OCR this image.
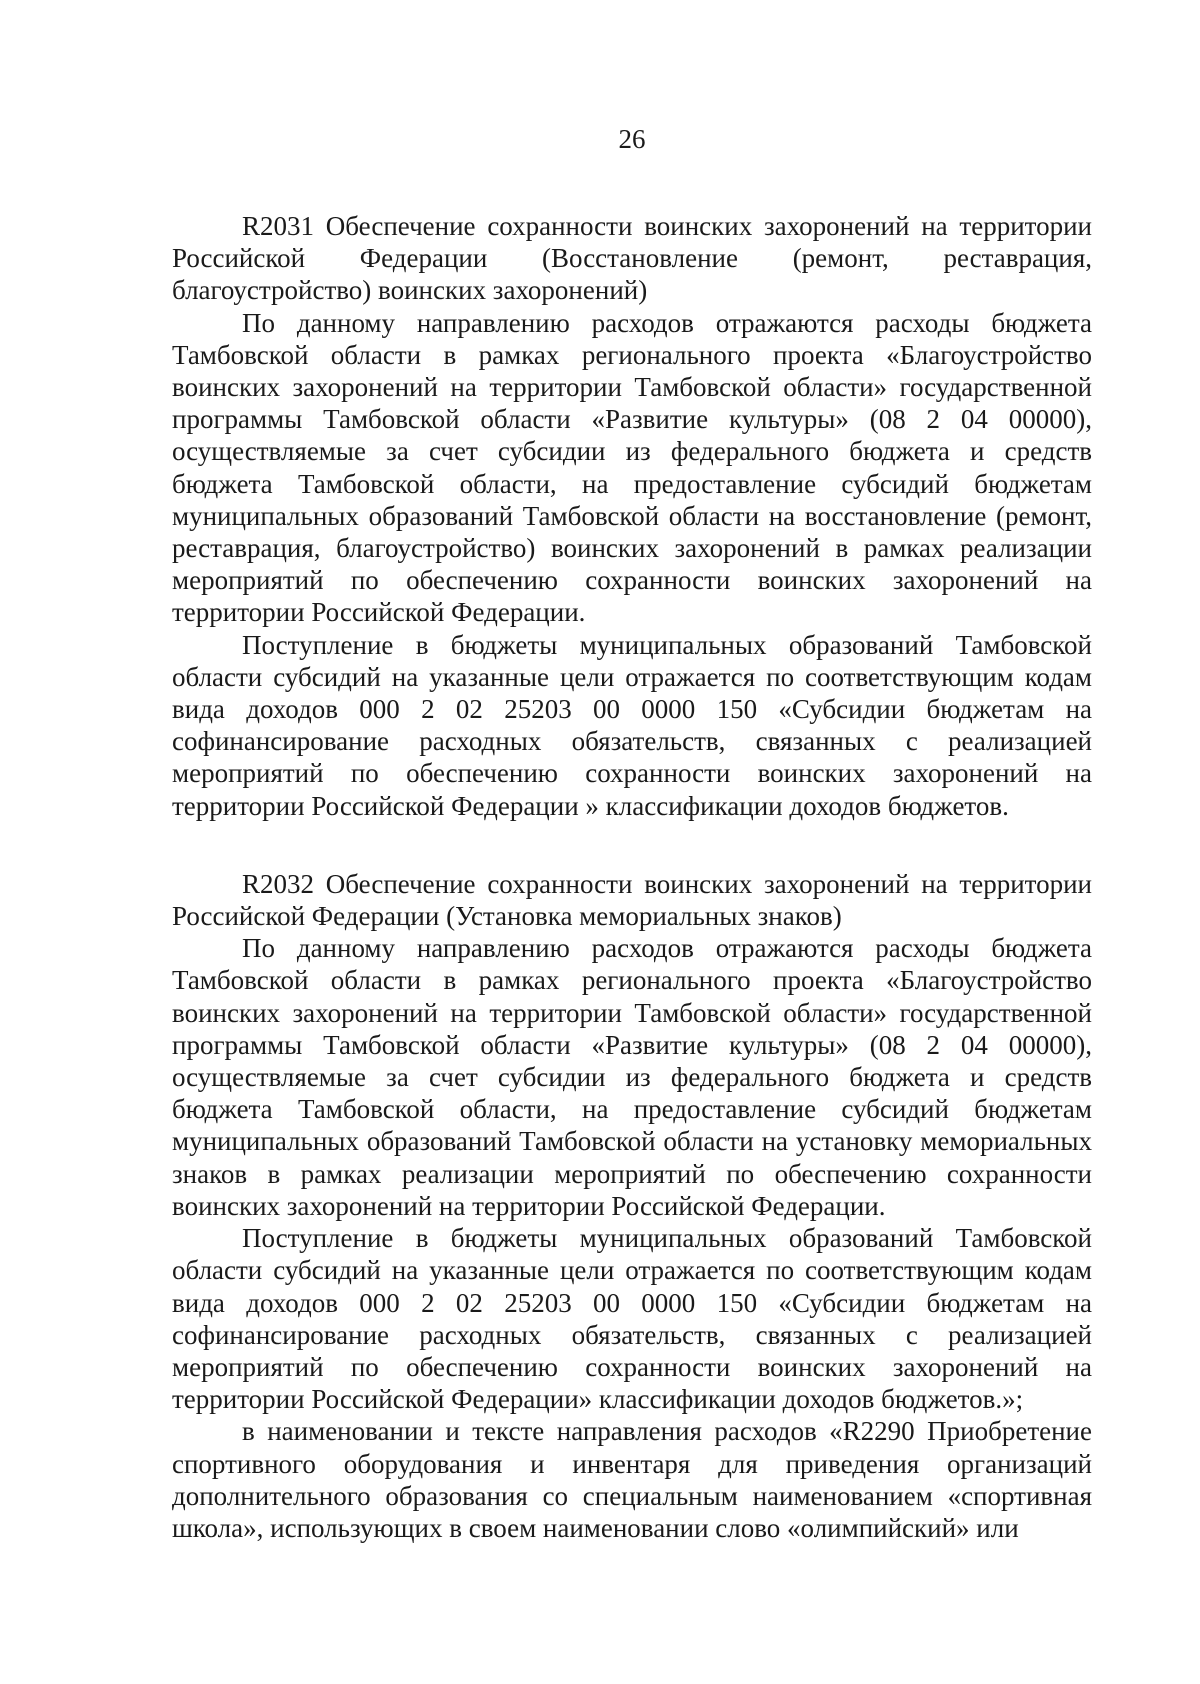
26

R2031 Обеспечение сохранности воинских захоронений на территории Российской Федерации (Восстановление (ремонт, реставрация, благоустройство) воинских захоронений)

По данному направлению расходов отражаются расходы бюджета Тамбовской области в рамках регионального проекта «Благоустройство воинских захоронений на территории Тамбовской области» государственной программы Тамбовской области «Развитие культуры» (08 2 04 00000), осуществляемые за счет субсидии из федерального бюджета и средств бюджета Тамбовской области, на предоставление субсидий бюджетам муниципальных образований Тамбовской области на восстановление (ремонт, реставрация, благоустройство) воинских захоронений в рамках реализации мероприятий по обеспечению сохранности воинских захоронений на территории Российской Федерации.

Поступление в бюджеты муниципальных образований Тамбовской области субсидий на указанные цели отражается по соответствующим кодам вида доходов 000 2 02 25203 00 0000 150 «Субсидии бюджетам на софинансирование расходных обязательств, связанных с реализацией мероприятий по обеспечению сохранности воинских захоронений на территории Российской Федерации » классификации доходов бюджетов.

R2032 Обеспечение сохранности воинских захоронений на территории Российской Федерации (Установка мемориальных знаков)

По данному направлению расходов отражаются расходы бюджета Тамбовской области в рамках регионального проекта «Благоустройство воинских захоронений на территории Тамбовской области» государственной программы Тамбовской области «Развитие культуры» (08 2 04 00000), осуществляемые за счет субсидии из федерального бюджета и средств бюджета Тамбовской области, на предоставление субсидий бюджетам муниципальных образований Тамбовской области на установку мемориальных знаков в рамках реализации мероприятий по обеспечению сохранности воинских захоронений на территории Российской Федерации.

Поступление в бюджеты муниципальных образований Тамбовской области субсидий на указанные цели отражается по соответствующим кодам вида доходов 000 2 02 25203 00 0000 150 «Субсидии бюджетам на софинансирование расходных обязательств, связанных с реализацией мероприятий по обеспечению сохранности воинских захоронений на территории Российской Федерации» классификации доходов бюджетов.»;

в наименовании и тексте направления расходов «R2290 Приобретение спортивного оборудования и инвентаря для приведения организаций дополнительного образования со специальным наименованием «спортивная школа», использующих в своем наименовании слово «олимпийский» или
